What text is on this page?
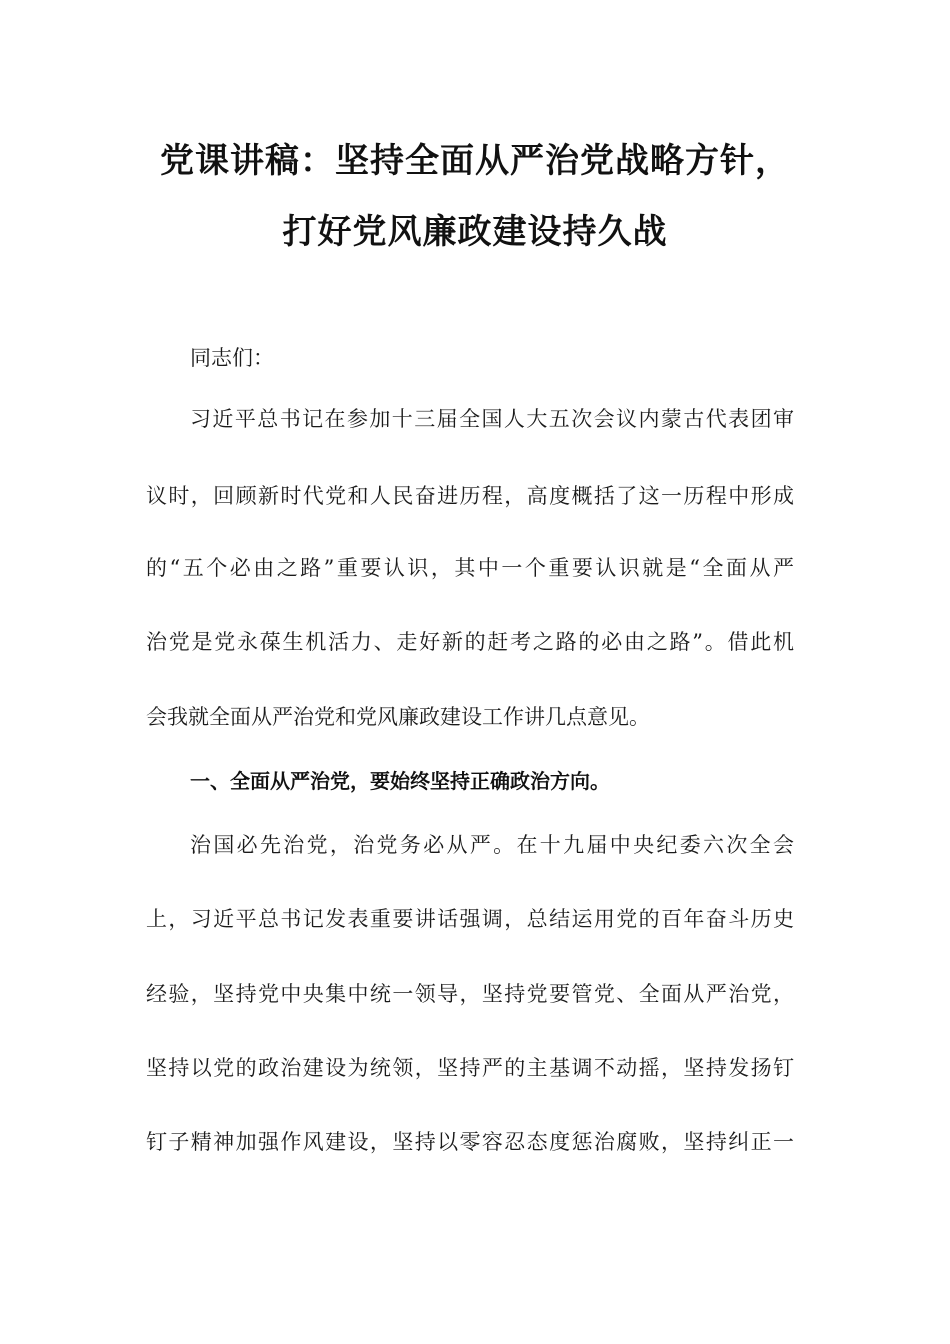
党课讲稿：坚持全面从严治党战略方针，
打好党风廉政建设持久战
同志们：
习近平总书记在参加十三届全国人大五次会议内蒙古代表团审
议时，回顾新时代党和人民奋进历程，高度概括了这一历程中形成
的“五个必由之路”重要认识，其中一个重要认识就是“全面从严
治党是党永葆生机活力、走好新的赶考之路的必由之路”。借此机
会我就全面从严治党和党风廉政建设工作讲几点意见。
一、全面从严治党，要始终坚持正确政治方向。
治国必先治党，治党务必从严。在十九届中央纪委六次全会
上，习近平总书记发表重要讲话强调，总结运用党的百年奋斗历史
经验，坚持党中央集中统一领导，坚持党要管党、全面从严治党，
坚持以党的政治建设为统领，坚持严的主基调不动摇，坚持发扬钉
钉子精神加强作风建设，坚持以零容忍态度惩治腐败，坚持纠正一
